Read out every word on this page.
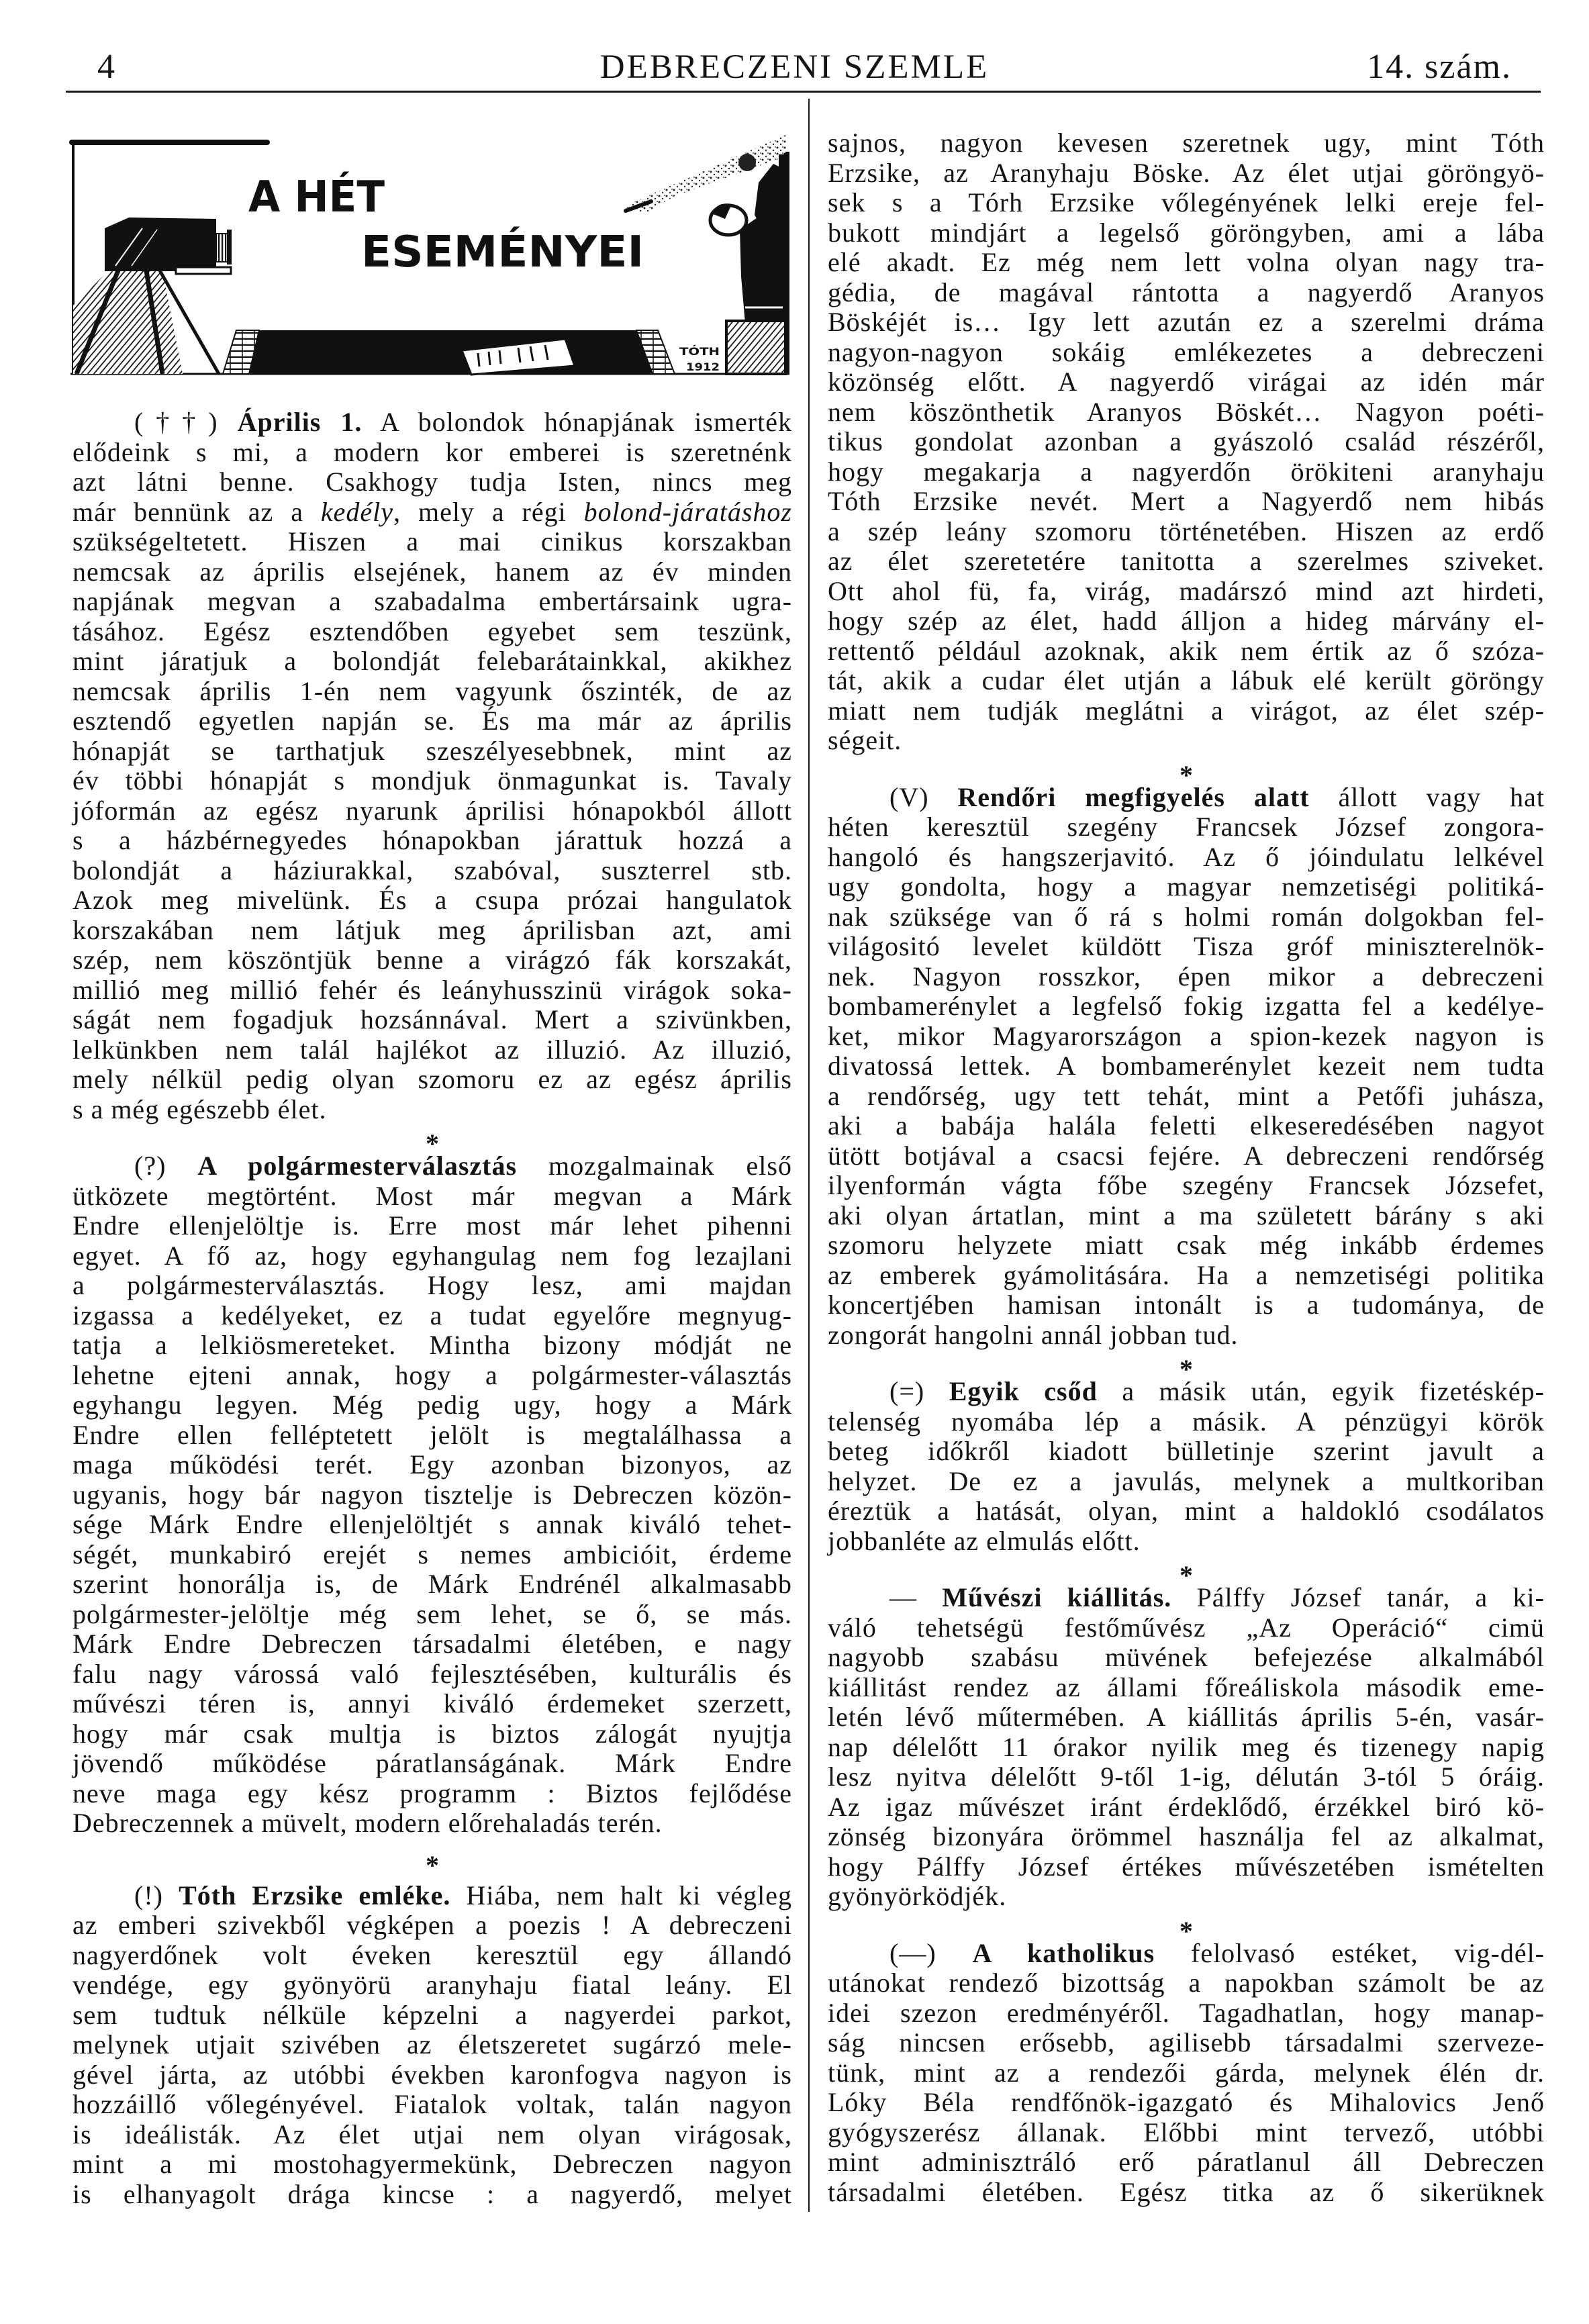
4	DEBRECZENI SZEMLE	14. szám.
A HÉT
ESEMÉNYEI
TÓTH
1912
(††) Április 1. A bolondok hónapjának ismerték
elődeink s mi, a modern kor emberei is szeretnénk
azt látni benne. Csakhogy tudja Isten, nincs meg
már bennünk az a kedély, mely a régi bolond-járatáshoz
szükségeltetett. Hiszen a mai cinikus korszakban
nemcsak az április elsejének, hanem az év minden
napjának megvan a szabadalma embertársaink ugra-
tásához. Egész esztendőben egyebet sem teszünk,
mint járatjuk a bolondját felebarátainkkal, akikhez
nemcsak április 1-én nem vagyunk őszinték, de az
esztendő egyetlen napján se. És ma már az április
hónapját se tarthatjuk szeszélyesebbnek, mint az
év többi hónapját s mondjuk önmagunkat is. Tavaly
jóformán az egész nyarunk áprilisi hónapokból állott
s a házbérnegyedes hónapokban járattuk hozzá a
bolondját a háziurakkal, szabóval, suszterrel stb.
Azok meg mivelünk. És a csupa prózai hangulatok
korszakában nem látjuk meg áprilisban azt, ami
szép, nem köszöntjük benne a virágzó fák korszakát,
millió meg millió fehér és leányhusszinü virágok soka-
ságát nem fogadjuk hozsánnával. Mert a szivünkben,
lelkünkben nem talál hajlékot az illuzió. Az illuzió,
mely nélkül pedig olyan szomoru ez az egész április
s a még egészebb élet.
*
(?) A polgármesterválasztás mozgalmainak első
ütközete megtörtént. Most már megvan a Márk
Endre ellenjelöltje is. Erre most már lehet pihenni
egyet. A fő az, hogy egyhangulag nem fog lezajlani
a polgármesterválasztás. Hogy lesz, ami majdan
izgassa a kedélyeket, ez a tudat egyelőre megnyug-
tatja a lelkiösmereteket. Mintha bizony módját ne
lehetne ejteni annak, hogy a polgármester-választás
egyhangu legyen. Még pedig ugy, hogy a Márk
Endre ellen felléptetett jelölt is megtalálhassa a
maga működési terét. Egy azonban bizonyos, az
ugyanis, hogy bár nagyon tisztelje is Debreczen közön-
sége Márk Endre ellenjelöltjét s annak kiváló tehet-
ségét, munkabiró erejét s nemes ambicióit, érdeme
szerint honorálja is, de Márk Endrénél alkalmasabb
polgármester-jelöltje még sem lehet, se ő, se más.
Márk Endre Debreczen társadalmi életében, e nagy
falu nagy várossá való fejlesztésében, kulturális és
művészi téren is, annyi kiváló érdemeket szerzett,
hogy már csak multja is biztos zálogát nyujtja
jövendő működése páratlanságának. Márk Endre
neve maga egy kész programm : Biztos fejlődése
Debreczennek a müvelt, modern előrehaladás terén.
*
(!) Tóth Erzsike emléke. Hiába, nem halt ki végleg
az emberi szivekből végképen a poezis ! A debreczeni
nagyerdőnek volt éveken keresztül egy állandó
vendége, egy gyönyörü aranyhaju fiatal leány. El
sem tudtuk nélküle képzelni a nagyerdei parkot,
melynek utjait szivében az életszeretet sugárzó mele-
gével járta, az utóbbi években karonfogva nagyon is
hozzáillő vőlegényével. Fiatalok voltak, talán nagyon
is ideálisták. Az élet utjai nem olyan virágosak,
mint a mi mostohagyermekünk, Debreczen nagyon
is elhanyagolt drága kincse : a nagyerdő, melyet
sajnos, nagyon kevesen szeretnek ugy, mint Tóth
Erzsike, az Aranyhaju Böske. Az élet utjai göröngyö-
sek s a Tórh Erzsike vőlegényének lelki ereje fel-
bukott mindjárt a legelső göröngyben, ami a lába
elé akadt. Ez még nem lett volna olyan nagy tra-
gédia, de magával rántotta a nagyerdő Aranyos
Böskéjét is… Igy lett azután ez a szerelmi dráma
nagyon-nagyon sokáig emlékezetes a debreczeni
közönség előtt. A nagyerdő virágai az idén már
nem köszönthetik Aranyos Böskét… Nagyon poéti-
tikus gondolat azonban a gyászoló család részéről,
hogy megakarja a nagyerdőn örökiteni aranyhaju
Tóth Erzsike nevét. Mert a Nagyerdő nem hibás
a szép leány szomoru történetében. Hiszen az erdő
az élet szeretetére tanitotta a szerelmes sziveket.
Ott ahol fü, fa, virág, madárszó mind azt hirdeti,
hogy szép az élet, hadd álljon a hideg márvány el-
rettentő például azoknak, akik nem értik az ő szóza-
tát, akik a cudar élet utján a lábuk elé került göröngy
miatt nem tudják meglátni a virágot, az élet szép-
ségeit.
*
(V) Rendőri megfigyelés alatt állott vagy hat
héten keresztül szegény Francsek József zongora-
hangoló és hangszerjavitó. Az ő jóindulatu lelkével
ugy gondolta, hogy a magyar nemzetiségi politiká-
nak szüksége van ő rá s holmi román dolgokban fel-
világositó levelet küldött Tisza gróf miniszterelnök-
nek. Nagyon rosszkor, épen mikor a debreczeni
bombamerénylet a legfelső fokig izgatta fel a kedélye-
ket, mikor Magyarországon a spion-kezek nagyon is
divatossá lettek. A bombamerénylet kezeit nem tudta
a rendőrség, ugy tett tehát, mint a Petőfi juhásza,
aki a babája halála feletti elkeseredésében nagyot
ütött botjával a csacsi fejére. A debreczeni rendőrség
ilyenformán vágta főbe szegény Francsek Józsefet,
aki olyan ártatlan, mint a ma született bárány s aki
szomoru helyzete miatt csak még inkább érdemes
az emberek gyámolitására. Ha a nemzetiségi politika
koncertjében hamisan intonált is a tudománya, de
zongorát hangolni annál jobban tud.
*
(=) Egyik csőd a másik után, egyik fizetéskép-
telenség nyomába lép a másik. A pénzügyi körök
beteg időkről kiadott bülletinje szerint javult a
helyzet. De ez a javulás, melynek a multkoriban
éreztük a hatását, olyan, mint a haldokló csodálatos
jobbanléte az elmulás előtt.
*
— Művészi kiállitás. Pálffy József tanár, a ki-
váló tehetségü festőművész „Az Operáció“ cimü
nagyobb szabásu müvének befejezése alkalmából
kiállitást rendez az állami főreáliskola második eme-
letén lévő műtermében. A kiállitás április 5-én, vasár-
nap délelőtt 11 órakor nyilik meg és tizenegy napig
lesz nyitva délelőtt 9-től 1-ig, délután 3-tól 5 óráig.
Az igaz művészet iránt érdeklődő, érzékkel biró kö-
zönség bizonyára örömmel használja fel az alkalmat,
hogy Pálffy József értékes művészetében ismételten
gyönyörködjék.
*
(—) A katholikus felolvasó estéket, vig-dél-
utánokat rendező bizottság a napokban számolt be az
idei szezon eredményéről. Tagadhatlan, hogy manap-
ság nincsen erősebb, agilisebb társadalmi szerveze-
tünk, mint az a rendezői gárda, melynek élén dr.
Lóky Béla rendfőnök-igazgató és Mihalovics Jenő
gyógyszerész állanak. Előbbi mint tervező, utóbbi
mint adminisztráló erő páratlanul áll Debreczen
társadalmi életében. Egész titka az ő sikerüknek
